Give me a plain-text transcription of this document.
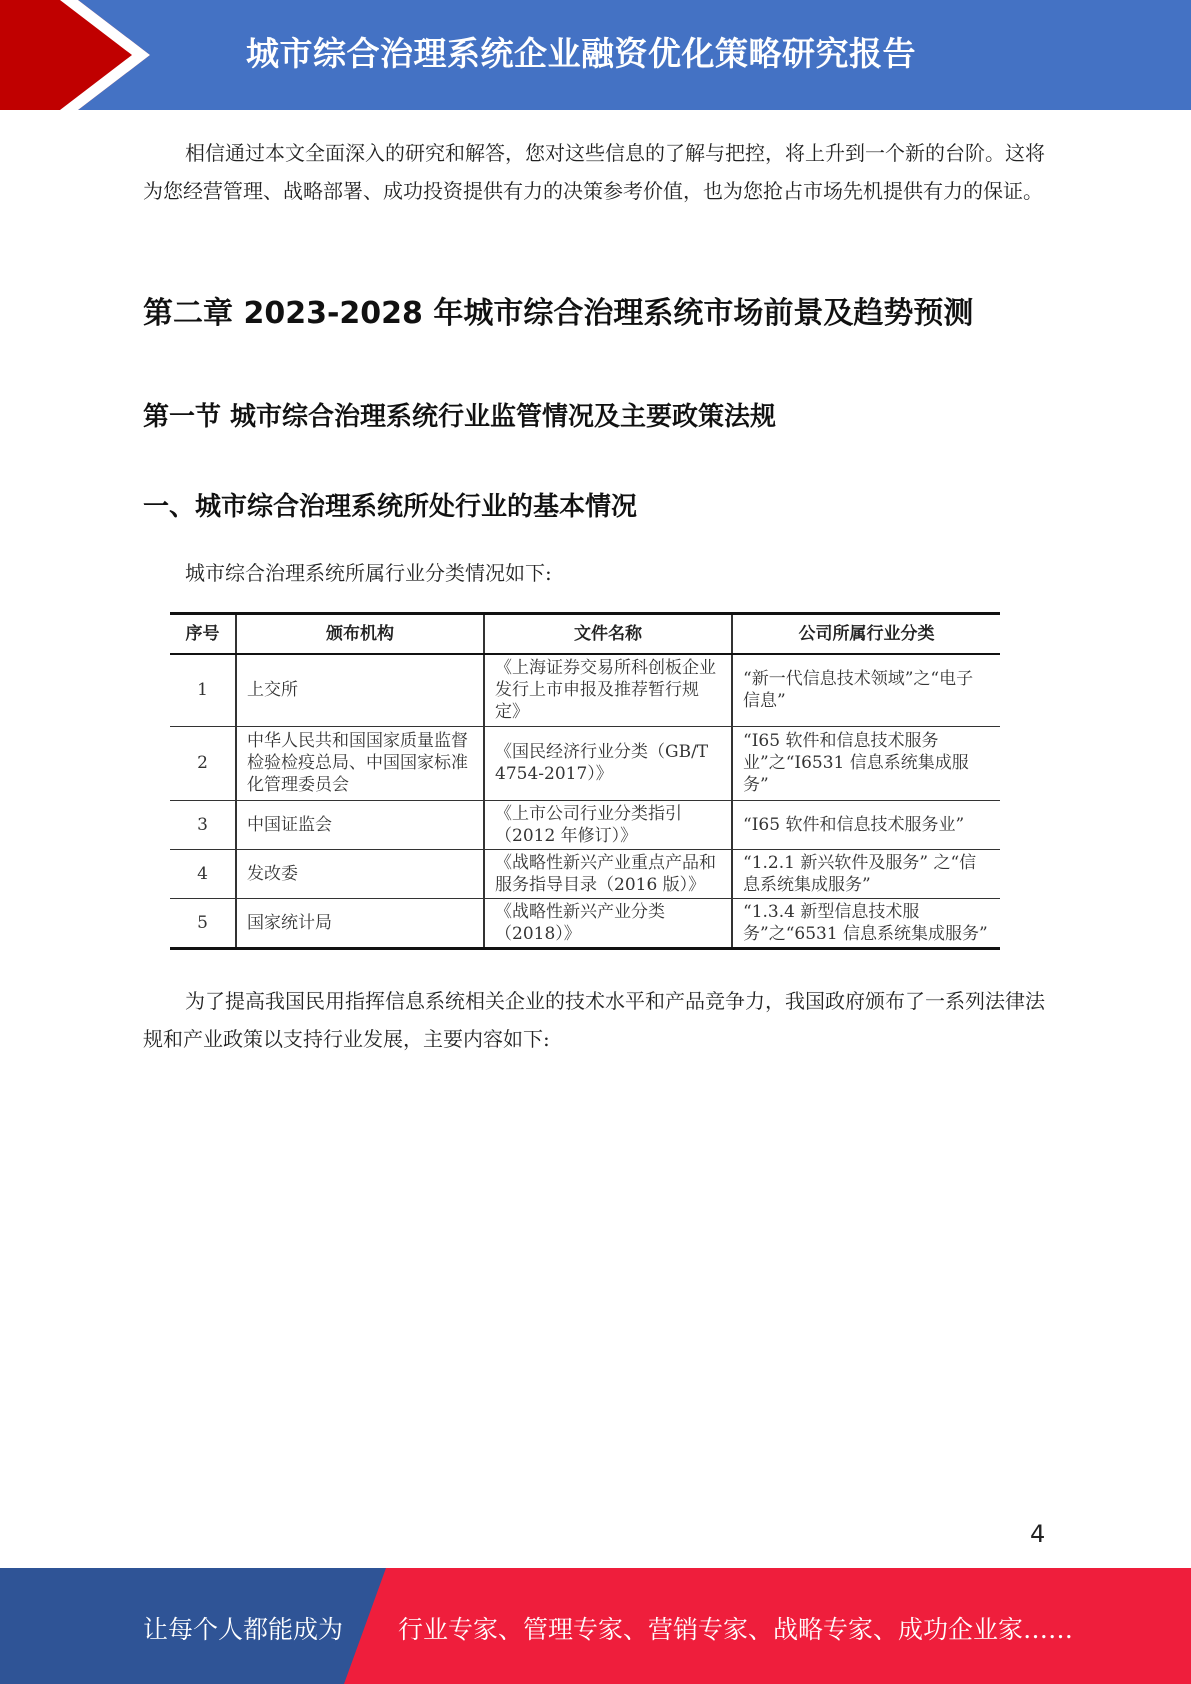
城市综合治理系统企业融资优化策略研究报告

相信通过本文全面深入的研究和解答，您对这些信息的了解与把控，将上升到一个新的台阶。这将为您经营管理、战略部署、成功投资提供有力的决策参考价值，也为您抢占市场先机提供有力的保证。

第二章 2023-2028 年城市综合治理系统市场前景及趋势预测
第一节 城市综合治理系统行业监管情况及主要政策法规
一、城市综合治理系统所处行业的基本情况

城市综合治理系统所属行业分类情况如下:

序号	颁布机构	文件名称	公司所属行业分类
1	上交所	《上海证券交易所科创板企业发行上市申报及推荐暂行规定》	“新一代信息技术领域”之“电子信息”
2	中华人民共和国国家质量监督检验检疫总局、中国国家标准化管理委员会	《国民经济行业分类（GB/T 4754-2017）》	“I65 软件和信息技术服务业”之“I6531 信息系统集成服务”
3	中国证监会	《上市公司行业分类指引（2012 年修订）》	“I65 软件和信息技术服务业”
4	发改委	《战略性新兴产业重点产品和服务指导目录（2016 版）》	“1.2.1 新兴软件及服务” 之“信息系统集成服务”
5	国家统计局	《战略性新兴产业分类（2018）》	“1.3.4 新型信息技术服务”之“6531 信息系统集成服务”

为了提高我国民用指挥信息系统相关企业的技术水平和产品竞争力，我国政府颁布了一系列法律法规和产业政策以支持行业发展，主要内容如下:

4
让每个人都能成为 行业专家、管理专家、营销专家、战略专家、成功企业家……
